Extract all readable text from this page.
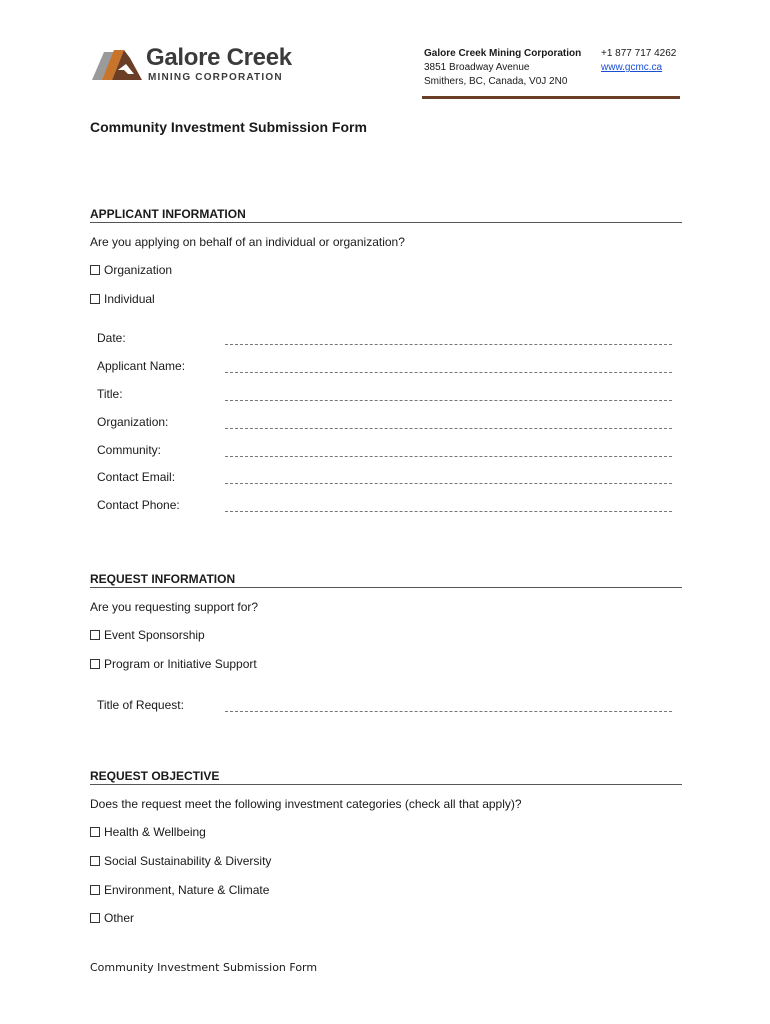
Galore Creek
MINING CORPORATION
Galore Creek Mining Corporation
3851 Broadway Avenue
Smithers, BC, Canada, V0J 2N0
+1 877 717 4262
www.gcmc.ca
Community Investment Submission Form
APPLICANT INFORMATION
Are you applying on behalf of an individual or organization?
Organization
Individual
Date:
Applicant Name:
Title:
Organization:
Community:
Contact Email:
Contact Phone:
REQUEST INFORMATION
Are you requesting support for?
Event Sponsorship
Program or Initiative Support
Title of Request:
REQUEST OBJECTIVE
Does the request meet the following investment categories (check all that apply)?
Health & Wellbeing
Social Sustainability & Diversity
Environment, Nature & Climate
Other
Community Investment Submission Form
